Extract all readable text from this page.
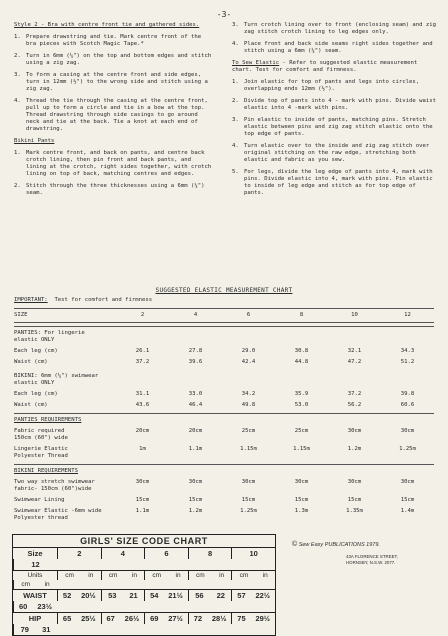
-3-
Style 2 - Bra with centre front tie and gathered sides.
1. Prepare drawstring and tie. Mark centre front of the bra pieces with Scotch Magic Tape.*
2. Turn in 6mm (¼") on the top and bottom edges and stitch using a zig zag.
3. To form a casing at the centre front and side edges, turn in 12mm (½") to the wrong side and stitch using a zig zag.
4. Thread the tie through the casing at the centre front, pull up to form a circle and tie in a bow at the top. Thread drawstring through side casings to go around neck and tie at the back. Tie a knot at each end of drawstring.
Bikini Pants
1. Mark centre front, and back on pants, and centre back crotch lining, then pin front and back pants, and lining at the crotch, right sides together, with crotch lining on top of back, matching centres and edges.
2. Stitch through the three thicknesses using a 6mm (¼") seam.
3. Turn crotch lining over to front (enclosing seam) and zig zag stitch crotch lining to leg edges only.
4. Place front and back side seams right sides together and stitch using a 6mm (¼") seam.
To Sew Elastic - Refer to suggested elastic measurement chart. Test for comfort and firmness.
1. Join elastic for top of pants and legs into circles, overlapping ends 12mm (½").
2. Divide top of pants into 4 - mark with pins. Divide waist elastic into 4 -mark with pins.
3. Pin elastic to inside of pants, matching pins. Stretch elastic between pins and zig zag stitch elastic onto the top edge of pants.
4. Turn elastic over to the inside and zig zag stitch over original stitching on the raw edge, stretching both elastic and fabric as you sew.
5. For legs, divide the leg edge of pants into 4, mark with pins. Divide elastic into 4, mark with pins. Pin elastic to inside of leg edge and stitch as for top edge of pants.
SUGGESTED ELASTIC MEASUREMENT CHART
IMPORTANT: Test for comfort and firmness
SIZE	2	4	6	8	10	12
PANTIES: For lingerie
elastic ONLY
Each leg (cm)	26.1	27.8	29.0	30.8	32.1	34.3
Waist (cm)	37.2	39.6	42.4	44.8	47.2	51.2
BIKINI: 6mm (¼") swimwear
elastic ONLY
Each leg (cm)	31.1	33.0	34.2	35.9	37.2	39.8
Waist (cm)	43.6	46.4	49.8	53.0	56.2	60.6
PANTIES REQUIREMENTS
Fabric required
150cm (60") wide
20cm	20cm	25cm	25cm	30cm	30cm
Lingerie Elastic
Polyester Thread
1m	1.1m	1.15m	1.15m	1.2m	1.25m
BIKINI REQUIREMENTS
Two way stretch swimwear
fabric- 150cm (60")wide
30cm	30cm	30cm	30cm	30cm	30cm
Swimwear Lining	15cm	15cm	15cm	15cm	15cm	15cm
Swimwear Elastic -6mm wide
Polyester thread
1.1m	1.2m	1.25m	1.3m	1.35m	1.4m
GIRLS' SIZE CODE CHART
Size	2	4	6	8	10
12
Units	cm in cm in cm in cm in cm in
cm in
WAIST	52 20½ 53 21 54 21½ 56 22 57 22½
60 23½
HIP	65 25½ 67 26½ 69 27½ 72 28½ 75 29½
79 31
© Sew Easy PUBLICATIONS 1979.
43A FLORENCE STREET,
HORNSBY, N.S.W. 2077.
